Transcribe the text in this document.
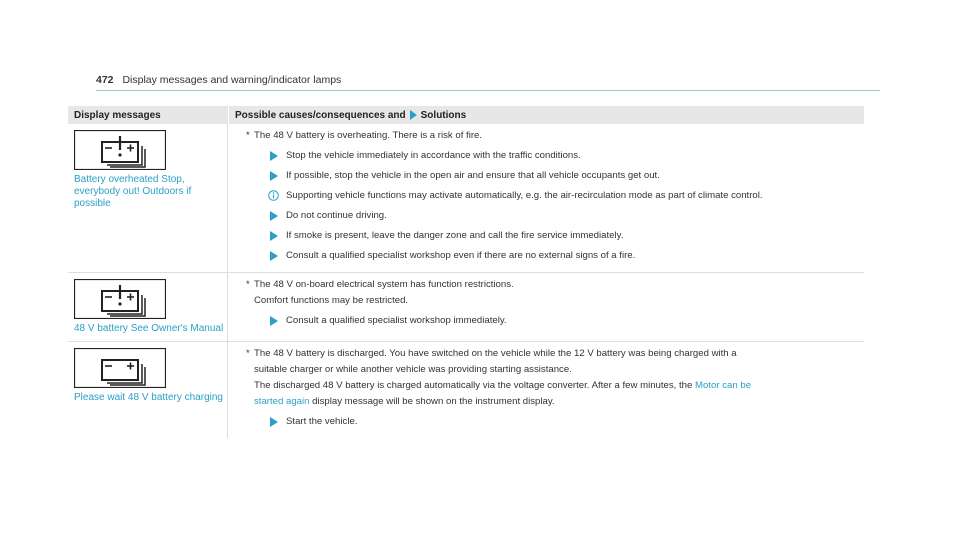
472 Display messages and warning/indicator lamps
Display messages	Possible causes/consequences and Solutions
Battery overheated Stop, everybody out! Outdoors if possible
* The 48 V battery is overheating. There is a risk of fire.
Stop the vehicle immediately in accordance with the traffic conditions.
If possible, stop the vehicle in the open air and ensure that all vehicle occupants get out.
Supporting vehicle functions may activate automatically, e.g. the air-recirculation mode as part of climate control.
Do not continue driving.
If smoke is present, leave the danger zone and call the fire service immediately.
Consult a qualified specialist workshop even if there are no external signs of a fire.
48 V battery See Owner's Manual
* The 48 V on-board electrical system has function restrictions.
Comfort functions may be restricted.
Consult a qualified specialist workshop immediately.
Please wait 48 V battery charging
* The 48 V battery is discharged. You have switched on the vehicle while the 12 V battery was being charged with a
suitable charger or while another vehicle was providing starting assistance.
The discharged 48 V battery is charged automatically via the voltage converter. After a few minutes, the Motor can be
started again display message will be shown on the instrument display.
Start the vehicle.
